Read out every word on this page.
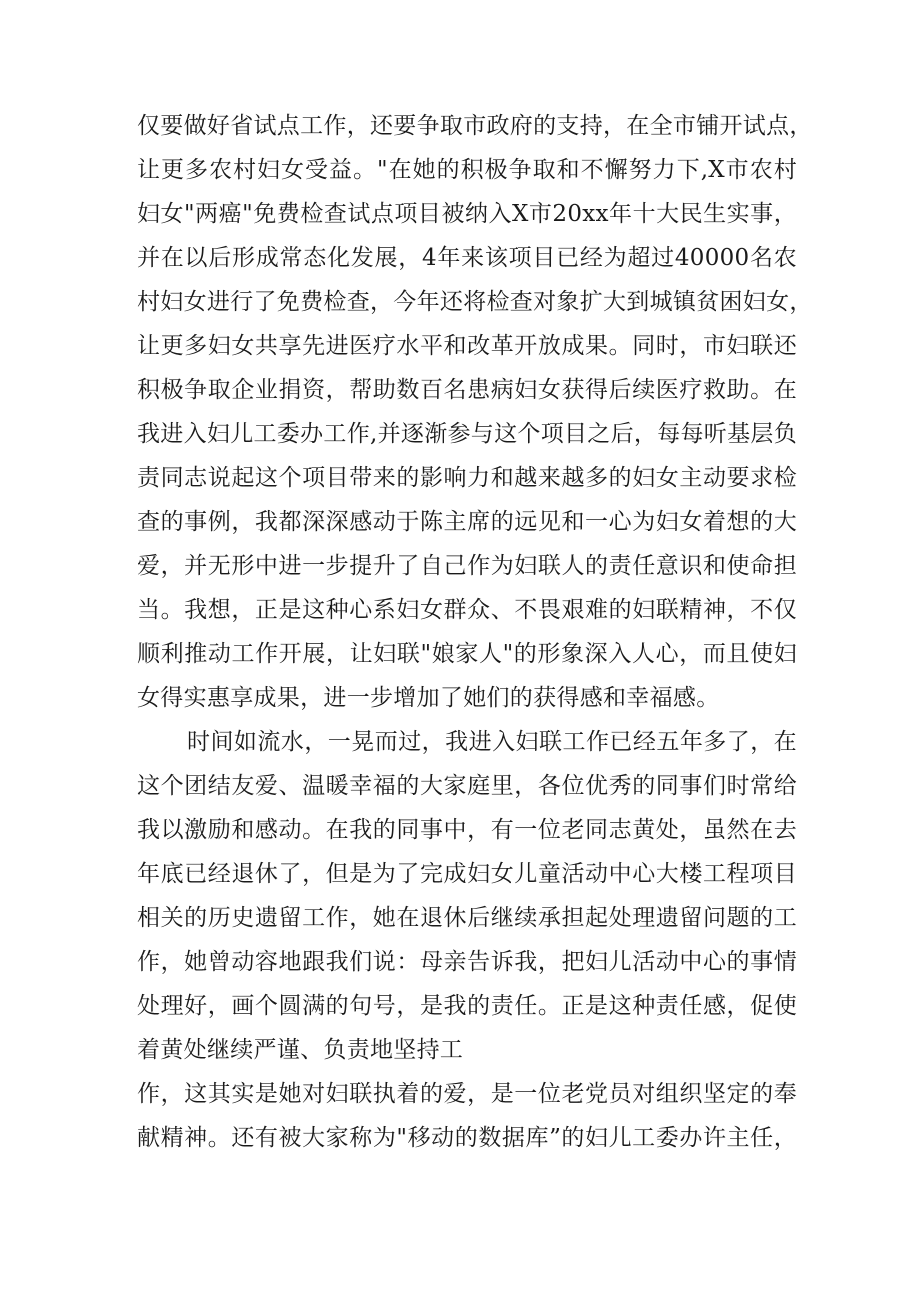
仅要做好省试点工作，还要争取市政府的支持，在全市铺开试点，
让更多农村妇女受益。"在她的积极争取和不懈努力下,X市农村
妇女"两癌"免费检查试点项目被纳入X市20xx年十大民生实事，
并在以后形成常态化发展，4年来该项目已经为超过40000名农
村妇女进行了免费检查，今年还将检查对象扩大到城镇贫困妇女，
让更多妇女共享先进医疗水平和改革开放成果。同时，市妇联还
积极争取企业捐资，帮助数百名患病妇女获得后续医疗救助。在
我进入妇儿工委办工作,并逐渐参与这个项目之后，每每听基层负
责同志说起这个项目带来的影响力和越来越多的妇女主动要求检
查的事例，我都深深感动于陈主席的远见和一心为妇女着想的大
爱，并无形中进一步提升了自己作为妇联人的责任意识和使命担
当。我想，正是这种心系妇女群众、不畏艰难的妇联精神，不仅
顺利推动工作开展，让妇联"娘家人"的形象深入人心，而且使妇
女得实惠享成果，进一步增加了她们的获得感和幸福感。
时间如流水，一晃而过，我进入妇联工作已经五年多了，在
这个团结友爱、温暖幸福的大家庭里，各位优秀的同事们时常给
我以激励和感动。在我的同事中，有一位老同志黄处，虽然在去
年底已经退休了，但是为了完成妇女儿童活动中心大楼工程项目
相关的历史遗留工作，她在退休后继续承担起处理遗留问题的工
作，她曾动容地跟我们说：母亲告诉我，把妇儿活动中心的事情
处理好，画个圆满的句号，是我的责任。正是这种责任感，促使
着黄处继续严谨、负责地坚持工
作，这其实是她对妇联执着的爱，是一位老党员对组织坚定的奉
献精神。还有被大家称为"移动的数据库”的妇儿工委办许主任，
